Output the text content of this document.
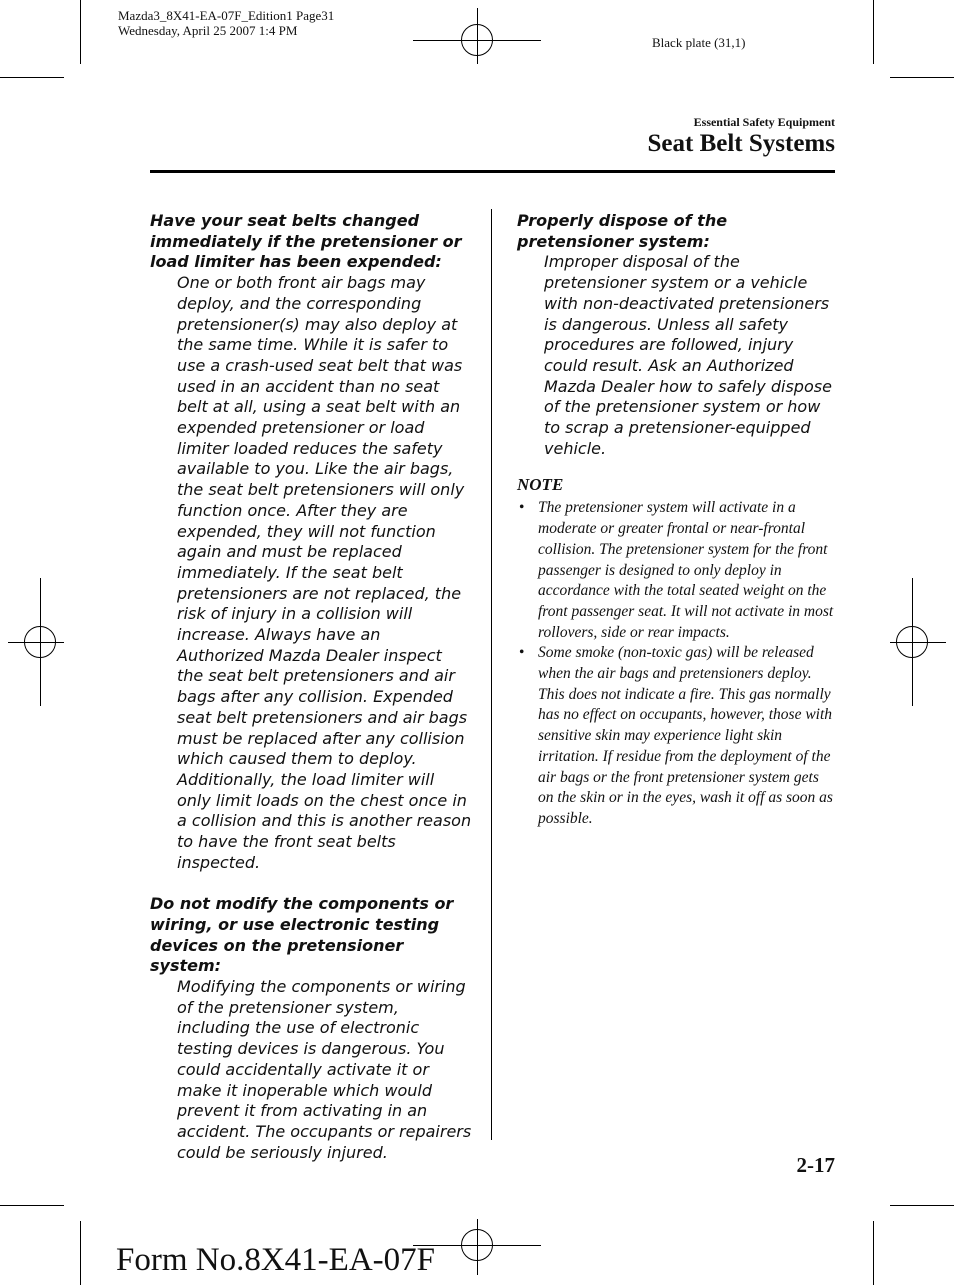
Mazda3_8X41-EA-07F_Edition1 Page31
Wednesday, April 25 2007 1:4 PM
Black plate (31,1)
Essential Safety Equipment
Seat Belt Systems
Have your seat belts changed immediately if the pretensioner or load limiter has been expended:
One or both front air bags may deploy, and the corresponding pretensioner(s) may also deploy at the same time. While it is safer to use a crash-used seat belt that was used in an accident than no seat belt at all, using a seat belt with an expended pretensioner or load limiter loaded reduces the safety available to you. Like the air bags, the seat belt pretensioners will only function once. After they are expended, they will not function again and must be replaced immediately. If the seat belt pretensioners are not replaced, the risk of injury in a collision will increase. Always have an Authorized Mazda Dealer inspect the seat belt pretensioners and air bags after any collision. Expended seat belt pretensioners and air bags must be replaced after any collision which caused them to deploy. Additionally, the load limiter will only limit loads on the chest once in a collision and this is another reason to have the front seat belts inspected.
Do not modify the components or wiring, or use electronic testing devices on the pretensioner system:
Modifying the components or wiring of the pretensioner system, including the use of electronic testing devices is dangerous. You could accidentally activate it or make it inoperable which would prevent it from activating in an accident. The occupants or repairers could be seriously injured.
Properly dispose of the pretensioner system:
Improper disposal of the pretensioner system or a vehicle with non-deactivated pretensioners is dangerous. Unless all safety procedures are followed, injury could result. Ask an Authorized Mazda Dealer how to safely dispose of the pretensioner system or how to scrap a pretensioner-equipped vehicle.
NOTE
• The pretensioner system will activate in a moderate or greater frontal or near-frontal collision. The pretensioner system for the front passenger is designed to only deploy in accordance with the total seated weight on the front passenger seat. It will not activate in most rollovers, side or rear impacts.
• Some smoke (non-toxic gas) will be released when the air bags and pretensioners deploy. This does not indicate a fire. This gas normally has no effect on occupants, however, those with sensitive skin may experience light skin irritation. If residue from the deployment of the air bags or the front pretensioner system gets on the skin or in the eyes, wash it off as soon as possible.
2-17
Form No.8X41-EA-07F
